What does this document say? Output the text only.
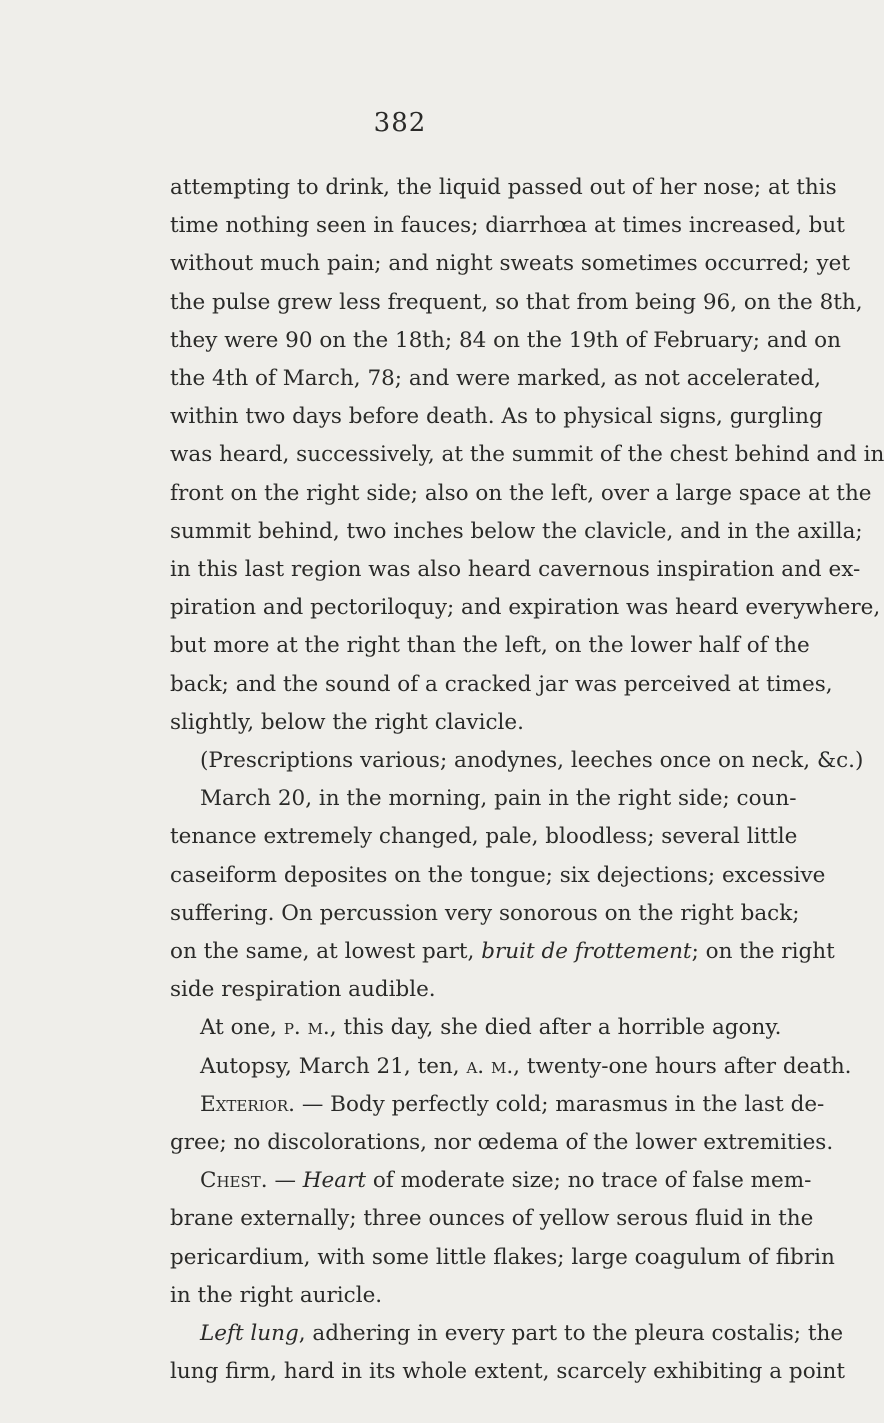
382
attempting to drink, the liquid passed out of her nose; at this
time nothing seen in fauces; diarrhœa at times increased, but
without much pain; and night sweats sometimes occurred; yet
the pulse grew less frequent, so that from being 96, on the 8th,
they were 90 on the 18th; 84 on the 19th of February; and on
the 4th of March, 78; and were marked, as not accelerated,
within two days before death. As to physical signs, gurgling
was heard, successively, at the summit of the chest behind and in
front on the right side; also on the left, over a large space at the
summit behind, two inches below the clavicle, and in the axilla;
in this last region was also heard cavernous inspiration and ex-
piration and pectoriloquy; and expiration was heard everywhere,
but more at the right than the left, on the lower half of the
back; and the sound of a cracked jar was perceived at times,
slightly, below the right clavicle.
(Prescriptions various; anodynes, leeches once on neck, &c.)
March 20, in the morning, pain in the right side; coun-
tenance extremely changed, pale, bloodless; several little
caseiform deposites on the tongue; six dejections; excessive
suffering. On percussion very sonorous on the right back;
on the same, at lowest part, bruit de frottement; on the right
side respiration audible.
At one, p. m., this day, she died after a horrible agony.
Autopsy, March 21, ten, a. m., twenty-one hours after death.
Exterior. — Body perfectly cold; marasmus in the last de-
gree; no discolorations, nor œdema of the lower extremities.
Chest. — Heart of moderate size; no trace of false mem-
brane externally; three ounces of yellow serous fluid in the
pericardium, with some little flakes; large coagulum of fibrin
in the right auricle.
Left lung, adhering in every part to the pleura costalis; the
lung firm, hard in its whole extent, scarcely exhibiting a point
